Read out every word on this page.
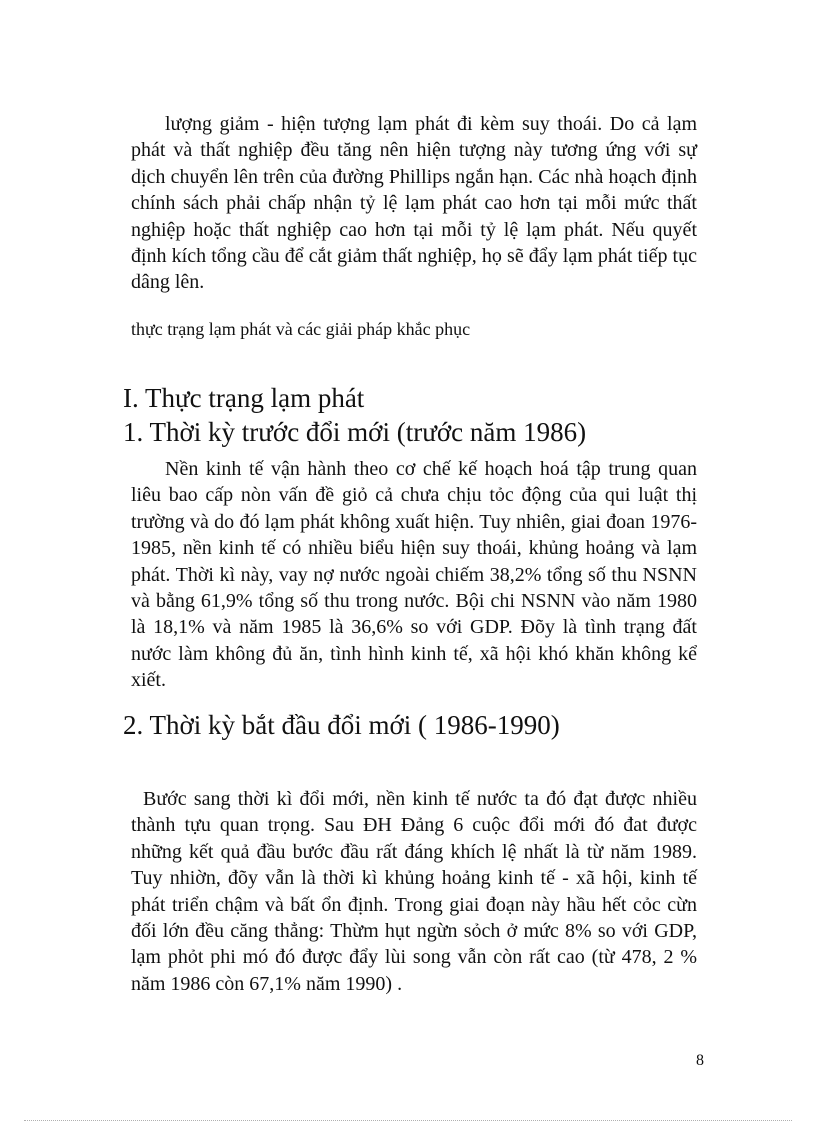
lượng giảm - hiện tượng lạm phát đi kèm suy thoái. Do cả lạm phát và thất nghiệp đều tăng nên hiện tượng này tương ứng với sự dịch chuyển lên trên của đường Phillips ngắn hạn. Các nhà hoạch định chính sách phải chấp nhận tỷ lệ lạm phát cao hơn tại mỗi mức thất nghiệp hoặc thất nghiệp cao hơn tại mỗi tỷ lệ lạm phát. Nếu quyết định kích tổng cầu để cắt giảm thất nghiệp, họ sẽ đẩy lạm phát tiếp tục dâng lên.

thực trạng lạm phát và các giải pháp khắc phục

I. Thực trạng lạm phát
1. Thời kỳ trước đổi mới (trước năm 1986)

Nền kinh tế vận hành theo cơ chế kế hoạch hoá tập trung quan liêu bao cấp nòn vấn đề giỏ cả chưa chịu tỏc động của qui luật thị trường và do đó lạm phát không xuất hiện. Tuy nhiên, giai đoan 1976- 1985, nền kinh tế có nhiều biểu hiện suy thoái, khủng hoảng và lạm phát. Thời kì này, vay nợ nước ngoài chiếm 38,2% tổng số thu NSNN và bằng 61,9% tổng số thu trong nước. Bội chi NSNN vào năm 1980 là 18,1% và năm 1985 là 36,6% so với GDP. Đõy là tình trạng đất nước làm không đủ ăn, tình hình kinh tế, xã hội khó khăn không kể xiết.

2. Thời kỳ bắt đầu đổi mới ( 1986-1990)

Bước sang thời kì đổi mới, nền kinh tế nước ta đó đạt được nhiều thành tựu quan trọng. Sau ĐH Đảng 6 cuộc đổi mới đó đat được những kết quả đầu bước đầu rất đáng khích lệ nhất là từ năm 1989. Tuy nhiờn, đõy vẫn là thời kì khủng hoảng kinh tế - xã hội, kinh tế phát triển chậm và bất ổn định. Trong giai đoạn này hầu hết cỏc cừn đối lớn đều căng thẳng: Thừm hụt ngừn sỏch ở mức 8% so với GDP, lạm phỏt phi mó đó được đẩy lùi song vẫn còn rất cao (từ 478, 2 % năm 1986 còn 67,1% năm 1990) .

8
